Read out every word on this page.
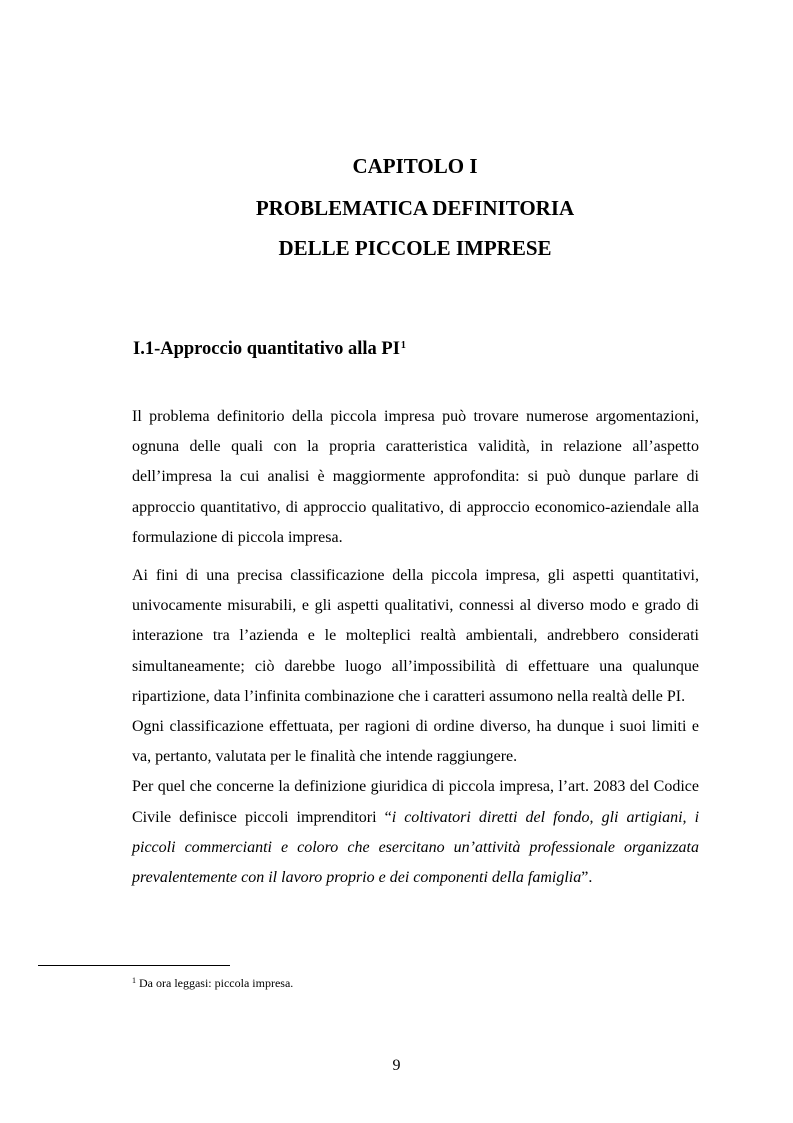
CAPITOLO I
PROBLEMATICA DEFINITORIA
DELLE PICCOLE IMPRESE
I.1-Approccio quantitativo alla $PI^1$

Il problema definitorio della piccola impresa può trovare numerose argomentazioni, ognuna delle quali con la propria caratteristica validità, in relazione all’aspetto dell’impresa la cui analisi è maggiormente approfondita: si può dunque parlare di approccio quantitativo, di approccio qualitativo, di approccio economico-aziendale alla formulazione di piccola impresa.

Ai fini di una precisa classificazione della piccola impresa, gli aspetti quantitativi, univocamente misurabili, e gli aspetti qualitativi, connessi al diverso modo e grado di interazione tra l’azienda e le molteplici realtà ambientali, andrebbero considerati simultaneamente; ciò darebbe luogo all’impossibilità di effettuare una qualunque ripartizione, data l’infinita combinazione che i caratteri assumono nella realtà delle PI.

Ogni classificazione effettuata, per ragioni di ordine diverso, ha dunque i suoi limiti e va, pertanto, valutata per le finalità che intende raggiungere.

Per quel che concerne la definizione giuridica di piccola impresa, l’art. 2083 del Codice Civile definisce piccoli imprenditori “i coltivatori diretti del fondo, gli artigiani, i piccoli commercianti e coloro che esercitano un’attività professionale organizzata prevalentemente con il lavoro proprio e dei componenti della famiglia”.

$^1$ Da ora leggasi: piccola impresa.
9
